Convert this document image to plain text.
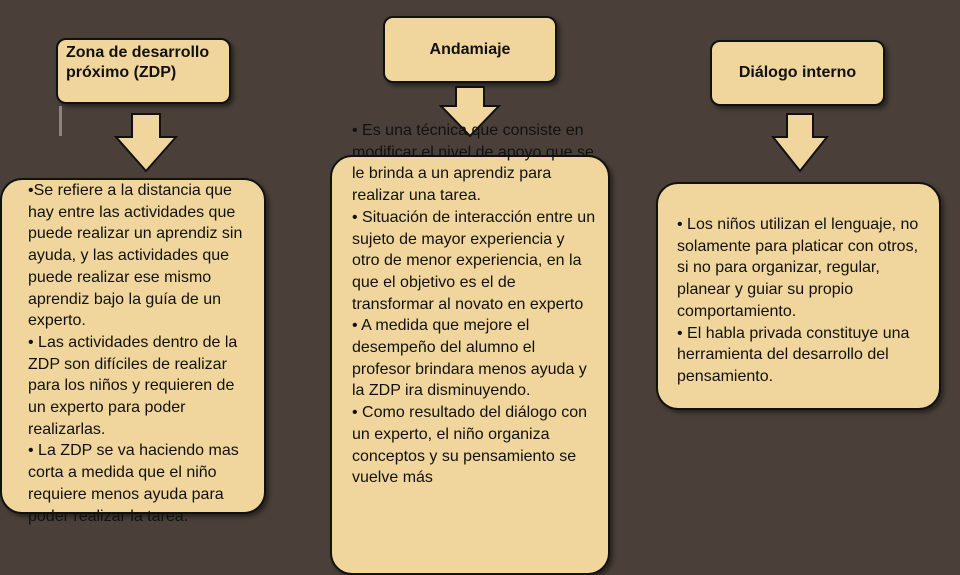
Zona de desarrollo próximo (ZDP)
•Se refiere a la distancia que hay entre las actividades que puede realizar un aprendiz sin ayuda, y las actividades que puede realizar ese mismo aprendiz bajo la guía de un experto.
• Las actividades dentro de la ZDP son difíciles de realizar para los niños y requieren de un experto para poder realizarlas.
• La ZDP se va haciendo mas corta a medida que el niño requiere menos ayuda para poder realizar la tarea.
Andamiaje
• Es una técnica que consiste en modificar el nivel de apoyo que se le brinda a un aprendiz para realizar una tarea.
• Situación de interacción entre un sujeto de mayor experiencia y otro de menor experiencia, en la que el objetivo es el de transformar al novato en experto
• A medida que mejore el desempeño del alumno el profesor brindara menos ayuda y la ZDP ira disminuyendo.
• Como resultado del diálogo con un experto, el niño organiza conceptos y su pensamiento se vuelve más
Diálogo interno
• Los niños utilizan el lenguaje, no solamente para platicar con otros, si no para organizar, regular, planear y guiar su propio comportamiento.
• El habla privada constituye una herramienta del desarrollo del pensamiento.
